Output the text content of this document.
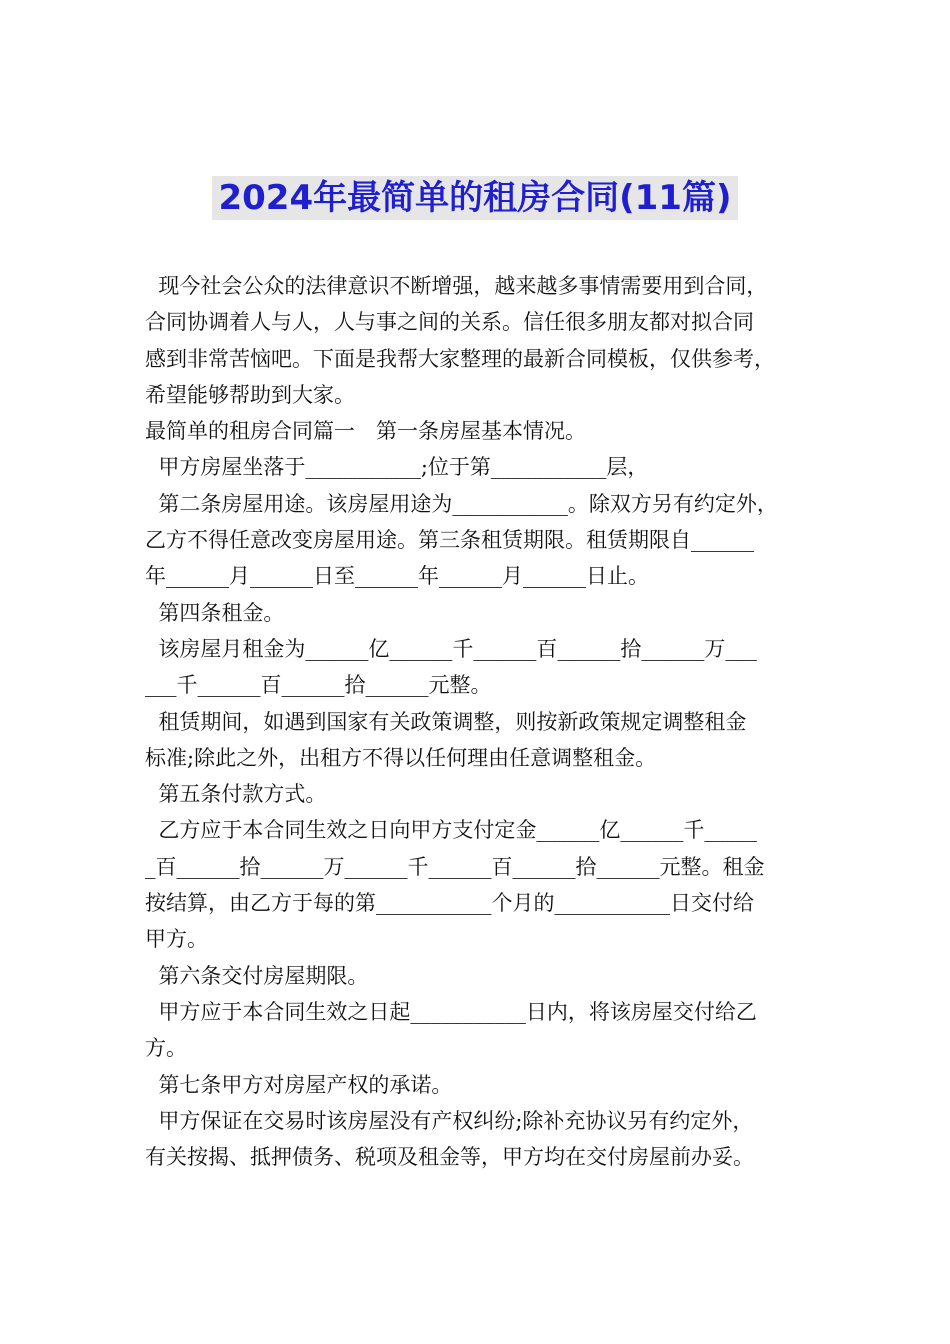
2024年最简单的租房合同(11篇)
现今社会公众的法律意识不断增强，越来越多事情需要用到合同，
合同协调着人与人，人与事之间的关系。信任很多朋友都对拟合同
感到非常苦恼吧。下面是我帮大家整理的最新合同模板，仅供参考，
希望能够帮助到大家。
最简单的租房合同篇一　第一条房屋基本情况。
甲方房屋坐落于___________;位于第___________层，
第二条房屋用途。该房屋用途为___________。除双方另有约定外，
乙方不得任意改变房屋用途。第三条租赁期限。租赁期限自______
年______月______日至______年______月______日止。
第四条租金。
该房屋月租金为______亿______千______百______拾______万___
___千______百______拾______元整。
租赁期间，如遇到国家有关政策调整，则按新政策规定调整租金
标准;除此之外，出租方不得以任何理由任意调整租金。
第五条付款方式。
乙方应于本合同生效之日向甲方支付定金______亿______千_____
_百______拾______万______千______百______拾______元整。租金
按结算，由乙方于每的第___________个月的___________日交付给
甲方。
第六条交付房屋期限。
甲方应于本合同生效之日起___________日内，将该房屋交付给乙
方。
第七条甲方对房屋产权的承诺。
甲方保证在交易时该房屋没有产权纠纷;除补充协议另有约定外，
有关按揭、抵押债务、税项及租金等，甲方均在交付房屋前办妥。
